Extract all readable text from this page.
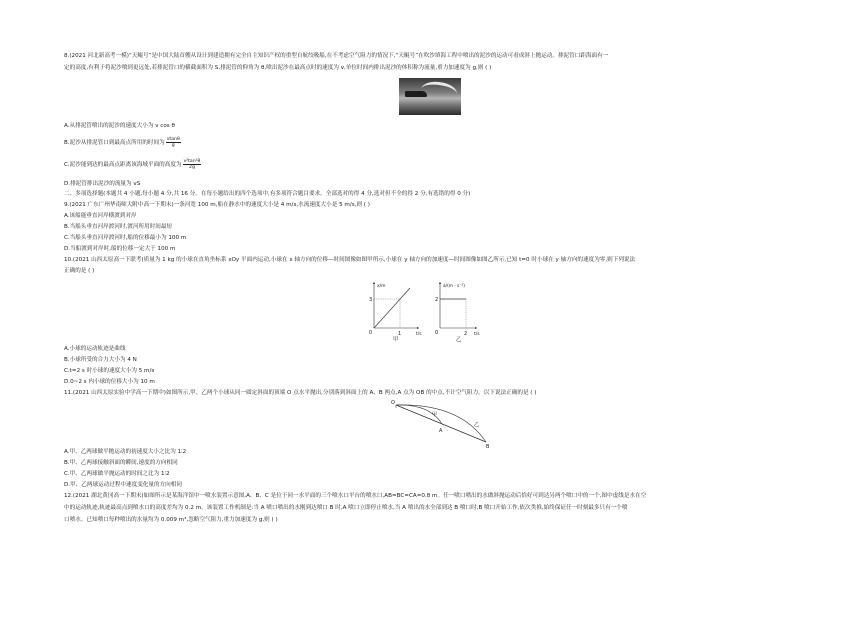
8.(2021 河北新高考一模)“天鲲号”是中国大陆首艘从设计到建造拥有完全自主知识产权的重型自航绞吸船,在不考虑空气阻力的情况下,“天鲲号”在吹沙填海工程中喷出的泥沙的运动可看成斜上抛运动。排泥管口距海面有一
定的高度,有利于将泥沙喷到更远处,若排泥管口的横截面积为 S,排泥管的仰角为 θ,喷出泥沙在最高点时的速度为 v,单位时间内排出泥沙的体积称为流量,重力加速度为 g,则 ( )
A.从排泥管喷出的泥沙的速度大小为 v cos θ
B.泥沙从排泥管口到最高点所用的时间为 $\frac{vtan\theta}{g}$
C.泥沙能到达的最高点距离该海域平面的高度为 $\frac{\text{v²tan²θ}}{2g}$
D.排泥管排出泥沙的流量为 vS
二、多项选择题(本题共 4 小题,每小题 4 分,共 16 分。在每小题给出的四个选项中,有多项符合题目要求。全部选对的得 4 分,选对但不全的得 2 分,有选错的得 0 分)
9.(2021 广东广州华南师大附中高一下期末)一条河宽 100 m,船在静水中的速度大小是 4 m/s,水流速度大小是 5 m/s,则 ( )
A.该船能垂直河岸横渡到对岸
B.当船头垂直河岸渡河时,渡河所用时间最短
C.当船头垂直河岸渡河时,船的位移最小为 100 m
D.当船渡到对岸时,船的位移一定大于 100 m
10.(2021 山西太原高一下联考)质量为 1 kg 的小球在直角坐标系 xOy 平面内运动,小球在 x 轴方向的位移—时间图像如图甲所示,小球在 y 轴方向的加速度—时间图像如图乙所示,已知 t=0 时小球在 y 轴方向的速度为零,则下列说法
正确的是 ( )
x/m
t/s
3
1
0
甲
a/(m · s⁻²)
t/s
2
2
0
乙
A.小球的运动轨迹是曲线
B.小球所受的合力大小为 4 N
C.t=2 s 时小球的速度大小为 5 m/s
D.0~2 s 内小球的位移大小为 10 m
11.(2021 山西太原实验中学高一下期中)如图所示,甲、乙两个小球从同一圆定斜面的顶端 O 点水平抛出,分别落到斜面上的 A、B 两点,A 点为 OB 的中点,不计空气阻力。以下说法正确的是 ( )
O
A
甲
乙
B
A.甲、乙两球做平抛运动的初速度大小之比为 1∶2
B.甲、乙两球接触斜面的瞬间,速度的方向相同
C.甲、乙两球做平抛运动的时间之比为 1∶2
D.甲、乙两球运动过程中速度变化量的方向相同
12.(2021 湖北黄冈高一下期末)如图所示是某海洋馆中一喷水装置示意图,A、B、C 是位于同一水平面的三个喷水口平台的喷水口,AB=BC=CA=0.8 m。任一喷口喷出的水做斜抛运动后恰好可到达另两个喷口中的一个,图中虚线是水在空
中的运动轨迹,轨迹最高点到喷水口的高度差均为 0.2 m。该装置工作机制是:当 A 喷口喷出的水刚到达喷口 B 时,A 喷口立即停止喷水,当 A 喷出的水全部到达 B 喷口时,B 喷口开始工作,依次类推,始终保证任一时刻最多只有一个喷
口喷水。已知喷口每秒喷出的水量均为 0.009 m³,忽略空气阻力,重力加速度为 g,则 ( )
